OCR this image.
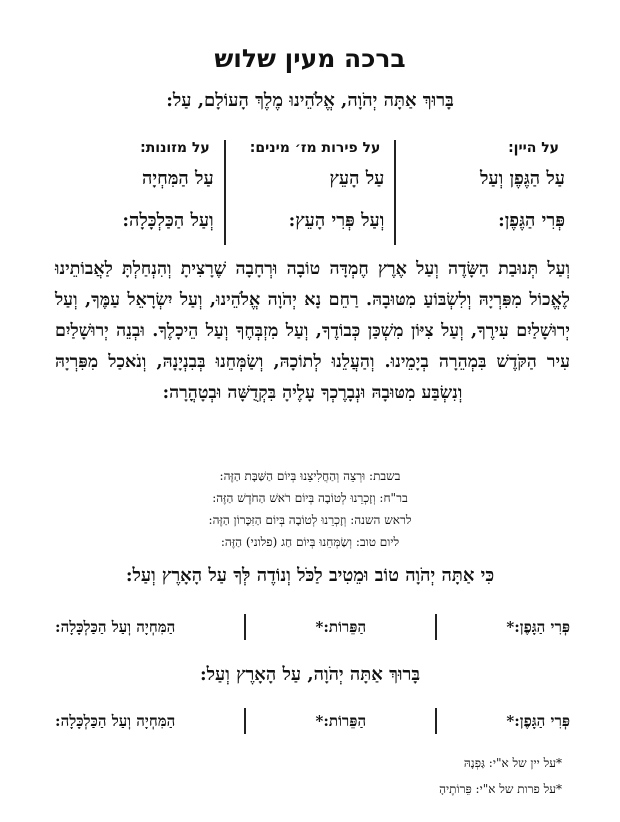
ברכה מעין שלוש
בָּרוּךְ אַתָּה יְהֹוָה, אֱלֹהֵינוּ מֶלֶךְ הָעוֹלָם, עַל:
על היין:
עַל הַגֶּפֶן וְעַל
פְּרִי הַגֶּפֶן:
על פירות מז׳ מינים:
עַל הָעֵץ
וְעַל פְּרִי הָעֵץ:
על מזונות:
עַל הַמִּחְיָה
וְעַל הַכַּלְכָּלָה:
וְעַל תְּנוּבַת הַשָּׂדֶה וְעַל אֶרֶץ חֶמְדָּה טוֹבָה וּרְחָבָה שֶׁרָצִיתָ וְהִנְחַלְתָּ לַאֲבוֹתֵינוּ לֶאֱכוֹל מִפִּרְיָהּ וְלִשְׂבּוֹעַ מִטּוּבָהּ. רַחֵם נָא יְהֹוָה אֱלֹהֵינוּ, וְעַל יִשְׂרָאֵל עַמֶּךָ, וְעַל יְרוּשָׁלַיִם עִירֶךָ, וְעַל צִיּוֹן מִשְׁכַּן כְּבוֹדֶךָ, וְעַל מִזְבְּחֶךָ וְעַל הֵיכָלֶךָ. וּבְנֵה יְרוּשָׁלַיִם עִיר הַקֹּדֶשׁ בִּמְהֵרָה בְיָמֵינוּ. וְהַעֲלֵנוּ לְתוֹכָהּ, וְשַׂמְּחֵנוּ בְּבִנְיָנָהּ, וְנֹאכַל מִפִּרְיָהּ וְנִשְׂבַּע מִטּוּבָהּ וּנְבָרֶכְךָ עָלֶיהָ בִּקְדֻשָּׁה וּבְטָהֳרָה:
בשבת: וּרְצֵה וְהַחֲלִיצֵנוּ בְּיוֹם הַשַּׁבָּת הַזֶּה:
בר"ח: וְזָכְרֵנוּ לְטוֹבָה בְּיוֹם רֹאשׁ הַחֹדֶשׁ הַזֶּה:
לראש השנה: וְזָכְרֵנוּ לְטוֹבָה בְּיוֹם הַזִּכָּרוֹן הַזֶּה:
ליום טוב: וְשַׂמְּחֵנוּ בְּיוֹם חַג (פלוני) הַזֶּה:
כִּי אַתָּה יְהֹוָה טוֹב וּמֵטִיב לַכֹּל וְנוֹדֶה לְּךָ עַל הָאָרֶץ וְעַל:
פְּרִי הַגָּפֶן:*
הַפֵּרוֹת:*
הַמִּחְיָה וְעַל הַכַּלְכָּלָה:
בָּרוּךְ אַתָּה יְהֹוָה, עַל הָאָרֶץ וְעַל:
פְּרִי הַגָּפֶן:*
הַפֵּרוֹת:*
הַמִּחְיָה וְעַל הַכַּלְכָּלָה:
*על יין של א"י: גַּפְנָהּ
*על פרות של א"י: פֵּרוֹתֶיהָ
